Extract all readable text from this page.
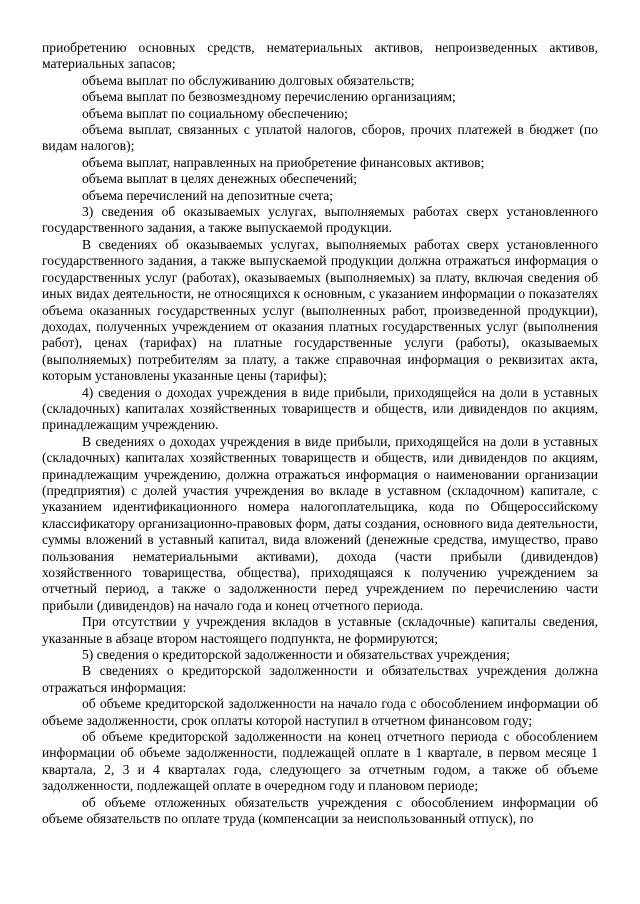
приобретению основных средств, нематериальных активов, непроизведенных активов, материальных запасов;

объема выплат по обслуживанию долговых обязательств;

объема выплат по безвозмездному перечислению организациям;

объема выплат по социальному обеспечению;

объема выплат, связанных с уплатой налогов, сборов, прочих платежей в бюджет (по видам налогов);

объема выплат, направленных на приобретение финансовых активов;

объема выплат в целях денежных обеспечений;

объема перечислений на депозитные счета;

3) сведения об оказываемых услугах, выполняемых работах сверх установленного государственного задания, а также выпускаемой продукции.

В сведениях об оказываемых услугах, выполняемых работах сверх установленного государственного задания, а также выпускаемой продукции должна отражаться информация о государственных услуг (работах), оказываемых (выполняемых) за плату, включая сведения об иных видах деятельности, не относящихся к основным, с указанием информации о показателях объема оказанных государственных услуг (выполненных работ, произведенной продукции), доходах, полученных учреждением от оказания платных государственных услуг (выполнения работ), ценах (тарифах) на платные государственные услуги (работы), оказываемых (выполняемых) потребителям за плату, а также справочная информация о реквизитах акта, которым установлены указанные цены (тарифы);

4) сведения о доходах учреждения в виде прибыли, приходящейся на доли в уставных (складочных) капиталах хозяйственных товариществ и обществ, или дивидендов по акциям, принадлежащим учреждению.

В сведениях о доходах учреждения в виде прибыли, приходящейся на доли в уставных (складочных) капиталах хозяйственных товариществ и обществ, или дивидендов по акциям, принадлежащим учреждению, должна отражаться информация о наименовании организации (предприятия) с долей участия учреждения во вкладе в уставном (складочном) капитале, с указанием идентификационного номера налогоплательщика, кода по Общероссийскому классификатору организационно-правовых форм, даты создания, основного вида деятельности, суммы вложений в уставный капитал, вида вложений (денежные средства, имущество, право пользования нематериальными активами), дохода (части прибыли (дивидендов) хозяйственного товарищества, общества), приходящаяся к получению учреждением за отчетный период, а также о задолженности перед учреждением по перечислению части прибыли (дивидендов) на начало года и конец отчетного периода.

При отсутствии у учреждения вкладов в уставные (складочные) капиталы сведения, указанные в абзаце втором настоящего подпункта, не формируются;

5) сведения о кредиторской задолженности и обязательствах учреждения;

В сведениях о кредиторской задолженности и обязательствах учреждения должна отражаться информация:

об объеме кредиторской задолженности на начало года с обособлением информации об объеме задолженности, срок оплаты которой наступил в отчетном финансовом году;

об объеме кредиторской задолженности на конец отчетного периода с обособлением информации об объеме задолженности, подлежащей оплате в 1 квартале, в первом месяце 1 квартала, 2, 3 и 4 кварталах года, следующего за отчетным годом, а также об объеме задолженности, подлежащей оплате в очередном году и плановом периоде;

об объеме отложенных обязательств учреждения с обособлением информации об объеме обязательств по оплате труда (компенсации за неиспользованный отпуск), по
